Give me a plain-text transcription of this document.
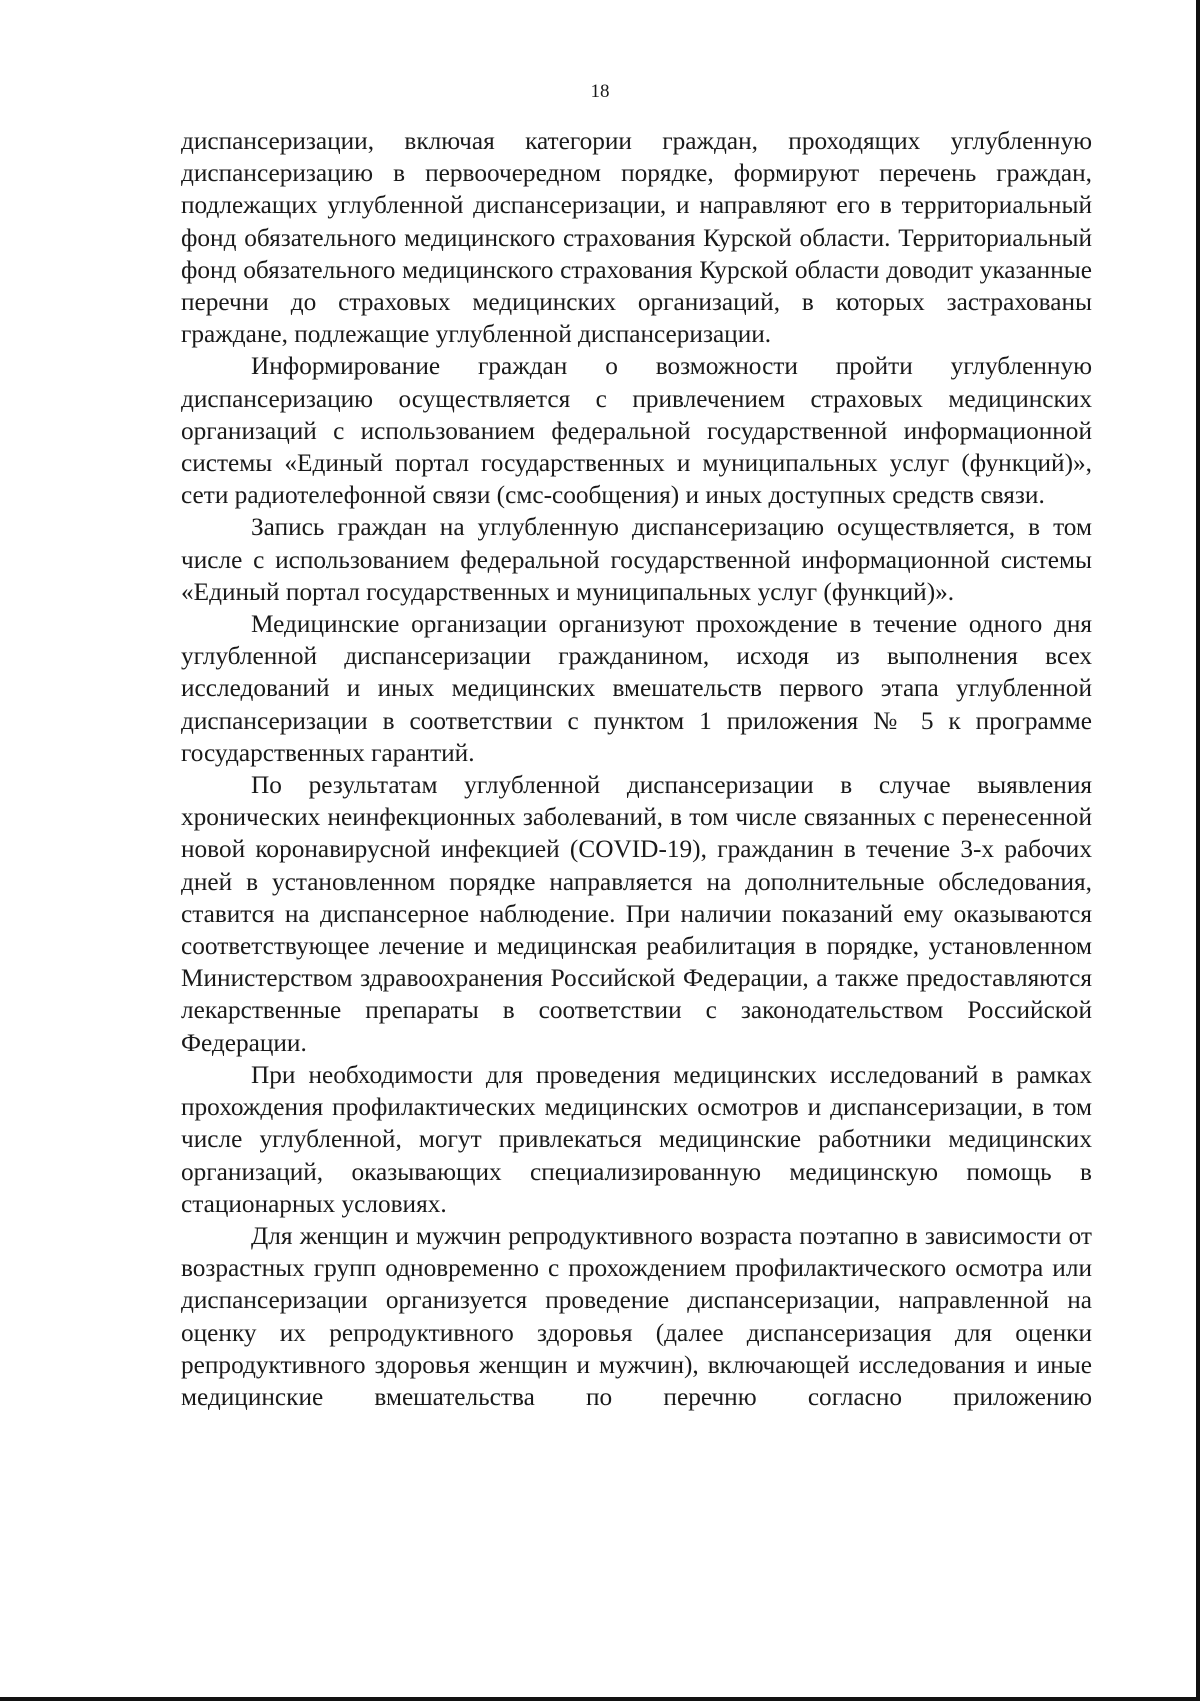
18

диспансеризации, включая категории граждан, проходящих углубленную диспансеризацию в первоочередном порядке, формируют перечень граждан, подлежащих углубленной диспансеризации, и направляют его в территориальный фонд обязательного медицинского страхования Курской области. Территориальный фонд обязательного медицинского страхования Курской области доводит указанные перечни до страховых медицинских организаций, в которых застрахованы граждане, подлежащие углубленной диспансеризации.

Информирование граждан о возможности пройти углубленную диспансеризацию осуществляется с привлечением страховых медицинских организаций с использованием федеральной государственной информационной системы «Единый портал государственных и муниципальных услуг (функций)», сети радиотелефонной связи (смс-сообщения) и иных доступных средств связи.

Запись граждан на углубленную диспансеризацию осуществляется, в том числе с использованием федеральной государственной информационной системы «Единый портал государственных и муниципальных услуг (функций)».

Медицинские организации организуют прохождение в течение одного дня углубленной диспансеризации гражданином, исходя из выполнения всех исследований и иных медицинских вмешательств первого этапа углубленной диспансеризации в соответствии с пунктом 1 приложения № 5 к программе государственных гарантий.

По результатам углубленной диспансеризации в случае выявления хронических неинфекционных заболеваний, в том числе связанных с перенесенной новой коронавирусной инфекцией (COVID-19), гражданин в течение 3-х рабочих дней в установленном порядке направляется на дополнительные обследования, ставится на диспансерное наблюдение. При наличии показаний ему оказываются соответствующее лечение и медицинская реабилитация в порядке, установленном Министерством здравоохранения Российской Федерации, а также предоставляются лекарственные препараты в соответствии с законодательством Российской Федерации.

При необходимости для проведения медицинских исследований в рамках прохождения профилактических медицинских осмотров и диспансеризации, в том числе углубленной, могут привлекаться медицинские работники медицинских организаций, оказывающих специализированную медицинскую помощь в стационарных условиях.

Для женщин и мужчин репродуктивного возраста поэтапно в зависимости от возрастных групп одновременно с прохождением профилактического осмотра или диспансеризации организуется проведение диспансеризации, направленной на оценку их репродуктивного здоровья (далее диспансеризация для оценки репродуктивного здоровья женщин и мужчин), включающей исследования и иные медицинские вмешательства по перечню согласно приложению
